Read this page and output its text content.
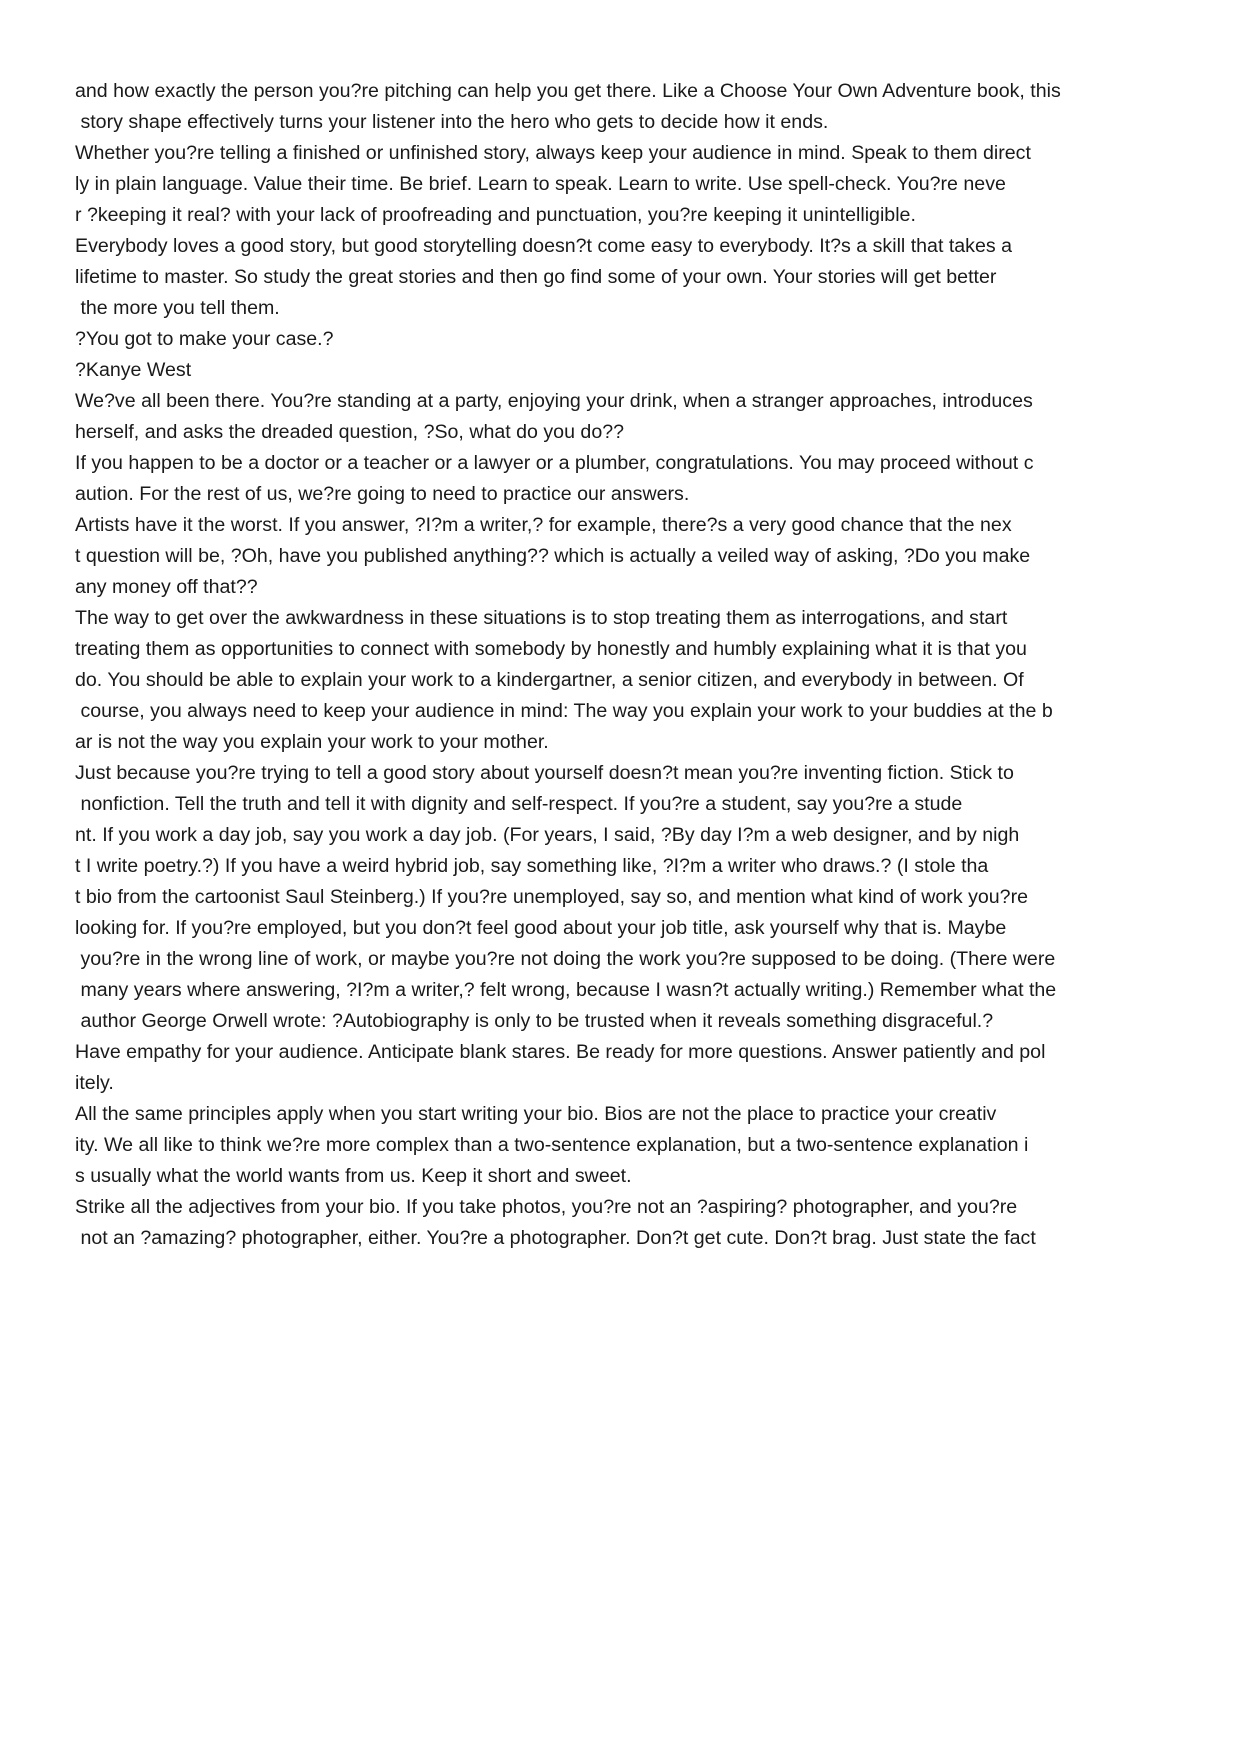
and how exactly the person you?re pitching can help you get there. Like a Choose Your Own Adventure book, this
story shape effectively turns your listener into the hero who gets to decide how it ends.
Whether you?re telling a finished or unfinished story, always keep your audience in mind. Speak to them direct
ly in plain language. Value their time. Be brief. Learn to speak. Learn to write. Use spell-check. You?re neve
r ?keeping it real? with your lack of proofreading and punctuation, you?re keeping it unintelligible.
Everybody loves a good story, but good storytelling doesn?t come easy to everybody. It?s a skill that takes a
lifetime to master. So study the great stories and then go find some of your own. Your stories will get better
the more you tell them.
?You got to make your case.?
?Kanye West
We?ve all been there. You?re standing at a party, enjoying your drink, when a stranger approaches, introduces
herself, and asks the dreaded question, ?So, what do you do??
If you happen to be a doctor or a teacher or a lawyer or a plumber, congratulations. You may proceed without c
aution. For the rest of us, we?re going to need to practice our answers.
Artists have it the worst. If you answer, ?I?m a writer,? for example, there?s a very good chance that the nex
t question will be, ?Oh, have you published anything?? which is actually a veiled way of asking, ?Do you make
any money off that??
The way to get over the awkwardness in these situations is to stop treating them as interrogations, and start
treating them as opportunities to connect with somebody by honestly and humbly explaining what it is that you
do. You should be able to explain your work to a kindergartner, a senior citizen, and everybody in between. Of
course, you always need to keep your audience in mind: The way you explain your work to your buddies at the b
ar is not the way you explain your work to your mother.
Just because you?re trying to tell a good story about yourself doesn?t mean you?re inventing fiction. Stick to
nonfiction. Tell the truth and tell it with dignity and self-respect. If you?re a student, say you?re a stude
nt. If you work a day job, say you work a day job. (For years, I said, ?By day I?m a web designer, and by nigh
t I write poetry.?) If you have a weird hybrid job, say something like, ?I?m a writer who draws.? (I stole tha
t bio from the cartoonist Saul Steinberg.) If you?re unemployed, say so, and mention what kind of work you?re
looking for. If you?re employed, but you don?t feel good about your job title, ask yourself why that is. Maybe
you?re in the wrong line of work, or maybe you?re not doing the work you?re supposed to be doing. (There were
many years where answering, ?I?m a writer,? felt wrong, because I wasn?t actually writing.) Remember what the
author George Orwell wrote: ?Autobiography is only to be trusted when it reveals something disgraceful.?
Have empathy for your audience. Anticipate blank stares. Be ready for more questions. Answer patiently and pol
itely.
All the same principles apply when you start writing your bio. Bios are not the place to practice your creativ
ity. We all like to think we?re more complex than a two-sentence explanation, but a two-sentence explanation i
s usually what the world wants from us. Keep it short and sweet.
Strike all the adjectives from your bio. If you take photos, you?re not an ?aspiring? photographer, and you?re
not an ?amazing? photographer, either. You?re a photographer. Don?t get cute. Don?t brag. Just state the fact
